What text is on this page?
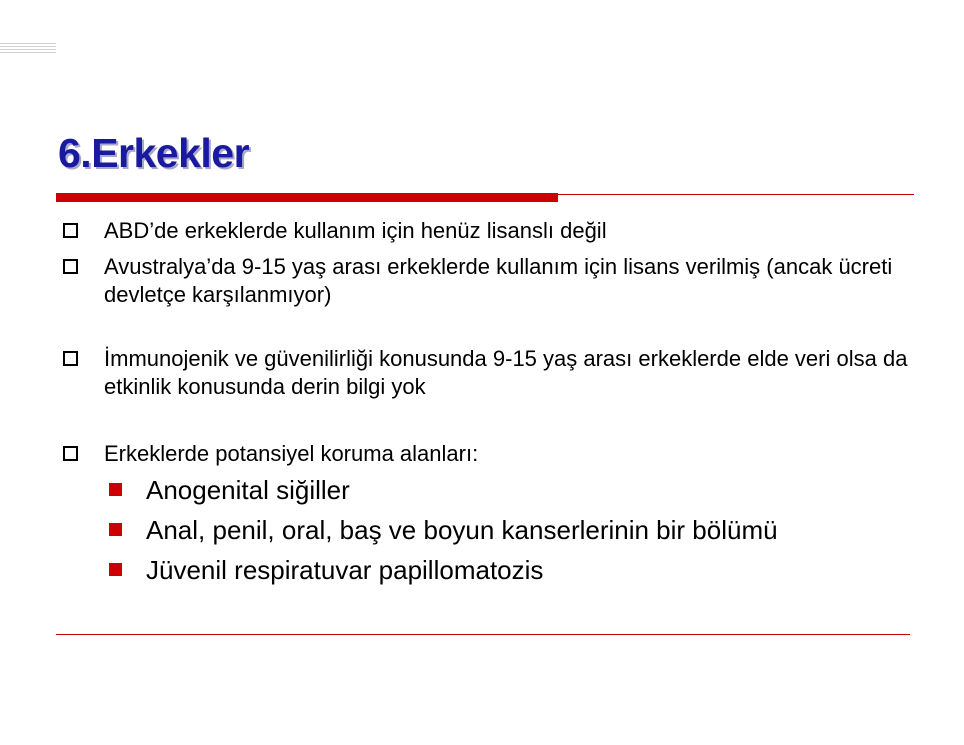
6.Erkekler
ABD’de erkeklerde kullanım için henüz lisanslı değil
Avustralya’da 9-15 yaş arası erkeklerde kullanım için lisans verilmiş (ancak ücreti devletçe karşılanmıyor)
İmmunojenik ve güvenilirliği konusunda 9-15 yaş arası erkeklerde elde veri olsa da etkinlik konusunda derin bilgi yok
Erkeklerde potansiyel koruma alanları:
Anogenital siğiller
Anal, penil, oral, baş ve boyun kanserlerinin bir bölümü
Jüvenil respiratuvar papillomatozis
